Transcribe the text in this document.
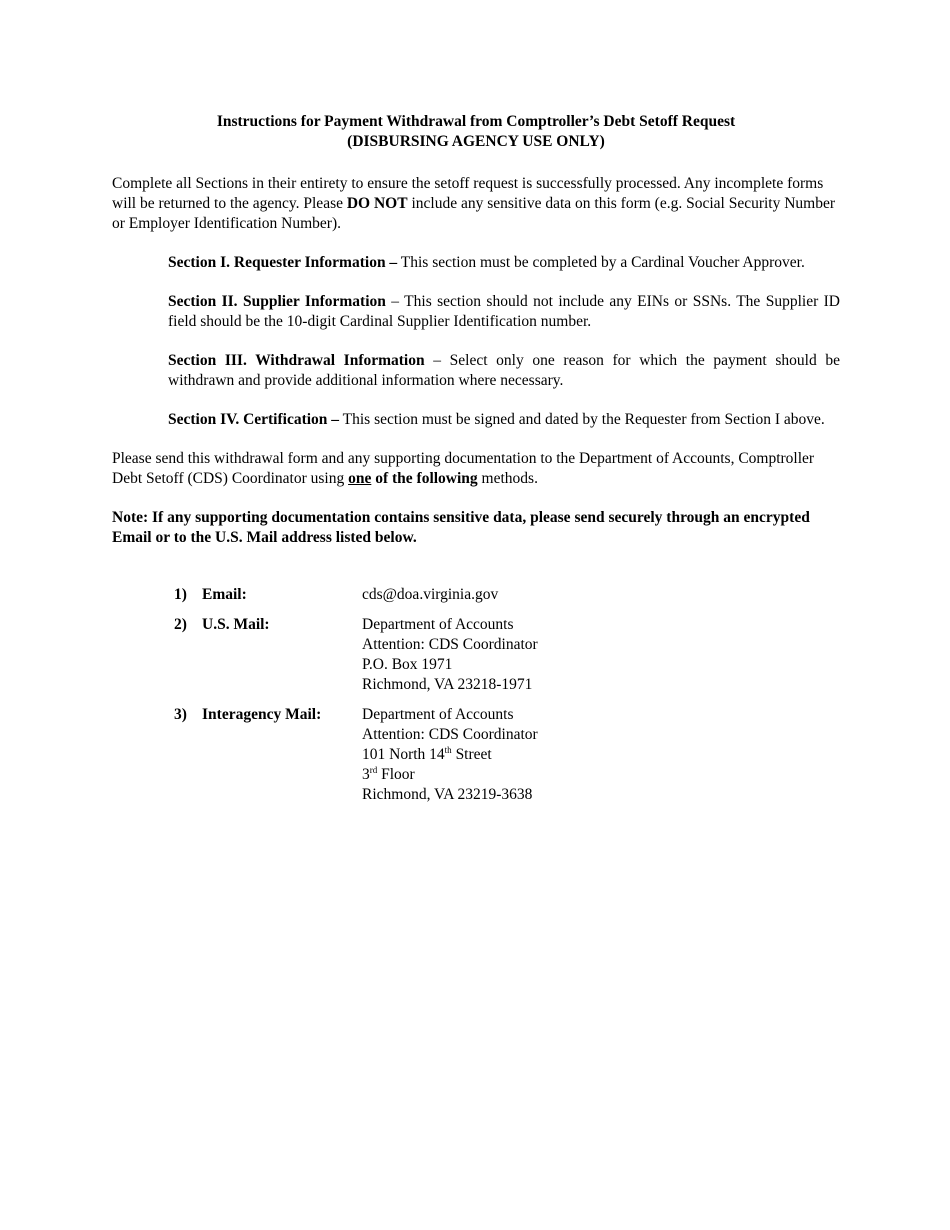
Instructions for Payment Withdrawal from Comptroller’s Debt Setoff Request

(DISBURSING AGENCY USE ONLY)

Complete all Sections in their entirety to ensure the setoff request is successfully processed. Any incomplete forms will be returned to the agency. Please DO NOT include any sensitive data on this form (e.g. Social Security Number or Employer Identification Number).

Section I. Requester Information – This section must be completed by a Cardinal Voucher Approver.

Section II. Supplier Information – This section should not include any EINs or SSNs. The Supplier ID field should be the 10-digit Cardinal Supplier Identification number.

Section III. Withdrawal Information – Select only one reason for which the payment should be withdrawn and provide additional information where necessary.

Section IV. Certification – This section must be signed and dated by the Requester from Section I above.

Please send this withdrawal form and any supporting documentation to the Department of Accounts, Comptroller Debt Setoff (CDS) Coordinator using one of the following methods.

Note: If any supporting documentation contains sensitive data, please send securely through an encrypted Email or to the U.S. Mail address listed below.

1) Email:	cds@doa.virginia.gov
2) U.S. Mail:	Department of Accounts
Attention: CDS Coordinator
P.O. Box 1971
Richmond, VA 23218-1971
3) Interagency Mail:	Department of Accounts
Attention: CDS Coordinator
101 North 14th Street
3rd Floor
Richmond, VA 23219-3638
